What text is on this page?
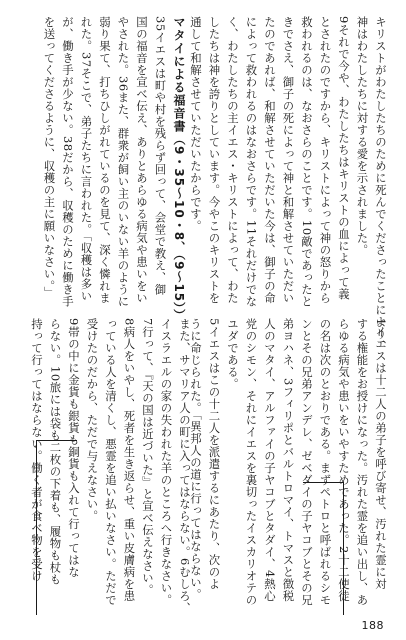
キリストがわたしたちのために死んでくださったことにより、
神はわたしたちに対する愛を示されました。
9それで今や、わたしたちはキリストの血によって義
とされたのですから、キリストによって神の怒りから
救われるのは、なおさらのことです。10敵であったと
きでさえ、御子の死によって神と和解させていただい
たのであれば、和解させていただいた今は、御子の命
によって救われるのはなおさらです。11それだけでな
く、わたしたちの主イエス・キリストによって、わた
したちは神を誇りとしています。今やこのキリストを
通して和解させていただいたからです。
1イエスは十二人の弟子を呼び寄せ、汚れた霊に対
する権能をお授けになった。汚れた霊を追い出し、あ
らゆる病気や患いをいやすためであった。2十二使徒
の名は次のとおりである。まずペトロと呼ばれるシモ
ンとその兄弟アンデレ、ゼベダイの子ヤコブとその兄
弟ヨハネ、3フィリポとバルトロマイ、トマスと徴税
人のマタイ、アルファイの子ヤコブとタダイ、4熱心
党のシモン、それにイエスを裏切ったイスカリオテの
ユダである。
5イエスはこの十二人を派遣するにあたり、次のよ
うに命じられた。「異邦人の道に行ってはならない。
また、サマリア人の町に入ってはならない。6むしろ、
イスラエルの家の失われた羊のところへ行きなさい。
7行って、『天の国は近づいた』と宣べ伝えなさい。
8病人をいやし、死者を生き返らせ、重い皮膚病を患
っている人を清くし、悪霊を追い払いなさい。ただで
受けたのだから、ただで与えなさい。
9帯の中に金貨も銀貨も銅貨も入れて行ってはな
らない。10旅には袋も二枚の下着も、履物も杖も
持って行ってはならない。働く者が食べ物を受け
マタイによる福音書（9・35〜10・8、（9〜15））
35イエスは町や村を残らず回って、会堂で教え、御
国の福音を宣べ伝え、ありとあらゆる病気や患いをい
やされた。36また、群衆が飼い主のいない羊のように
弱り果て、打ちひしがれているのを見て、深く憐れま
れた。37そこで、弟子たちに言われた。「収穫は多い
が、働き手が少ない。38だから、収穫のために働き手
を送ってくださるように、収穫の主に願いなさい。」
188
